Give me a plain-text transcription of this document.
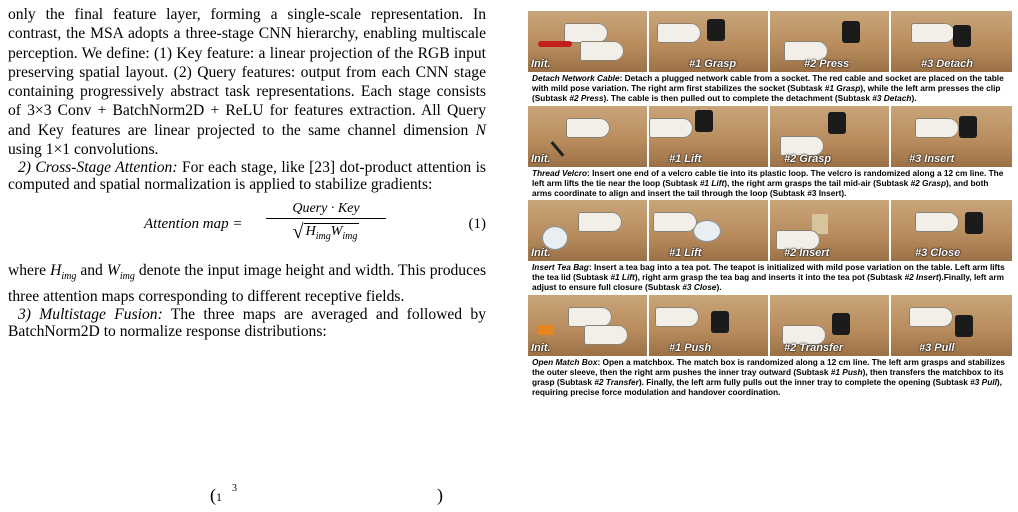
only the final feature layer, forming a single-scale representation. In contrast, the MSA adopts a three-stage CNN hierarchy, enabling multiscale perception. We define: (1) Key feature: a linear projection of the RGB input preserving spatial layout. (2) Query features: output from each CNN stage containing progressively abstract task representations. Each stage consists of 3×3 Conv + BatchNorm2D + ReLU for features extraction. All Query and Key features are linear projected to the same channel dimension N using 1×1 convolutions.

2) Cross-Stage Attention: For each stage, like [23] dot-product attention is computed and spatial normalization is applied to stabilize gradients:

Attention map =
Query · Key
√ $H_{img}W_{img}$
(1)

where $H_{img}$ and $W_{img}$ denote the input image height and width. This produces three attention maps corresponding to different receptive fields.

3) Multistage Fusion: The three maps are averaged and followed by BatchNorm2D to normalize response distributions:

($1^3$	)
Init.	#1 Grasp	#2 Press	#3 Detach

Detach Network Cable: Detach a plugged network cable from a socket. The red cable and socket are placed on the table with mild pose variation. The right arm first stabilizes the socket (Subtask #1 Grasp), while the left arm presses the clip (Subtask #2 Press). The cable is then pulled out to complete the detachment (Subtask #3 Detach).

Init.	#1 Lift	#2 Grasp	#3 Insert

Thread Velcro: Insert one end of a velcro cable tie into its plastic loop. The velcro is randomized along a 12 cm line. The left arm lifts the tie near the loop (Subtask #1 Lift), the right arm grasps the tail mid-air (Subtask #2 Grasp), and both arms coordinate to align and insert the tail through the loop (Subtask #3 Insert).

Init.	#1 Lift	#2 Insert	#3 Close

Insert Tea Bag: Insert a tea bag into a tea pot. The teapot is initialized with mild pose variation on the table. Left arm lifts the tea lid (Subtask #1 Lift), right arm grasp the tea bag and inserts it into the tea pot (Subtask #2 Insert).Finally, left arm adjust to ensure full closure (Subtask #3 Close).

Init.	#1 Push	#2 Transfer	#3 Pull

Open Match Box: Open a matchbox. The match box is randomized along a 12 cm line. The left arm grasps and stabilizes the outer sleeve, then the right arm pushes the inner tray outward (Subtask #1 Push), then transfers the matchbox to its grasp (Subtask #2 Transfer). Finally, the left arm fully pulls out the inner tray to complete the opening (Subtask #3 Pull), requiring precise force modulation and handover coordination.
